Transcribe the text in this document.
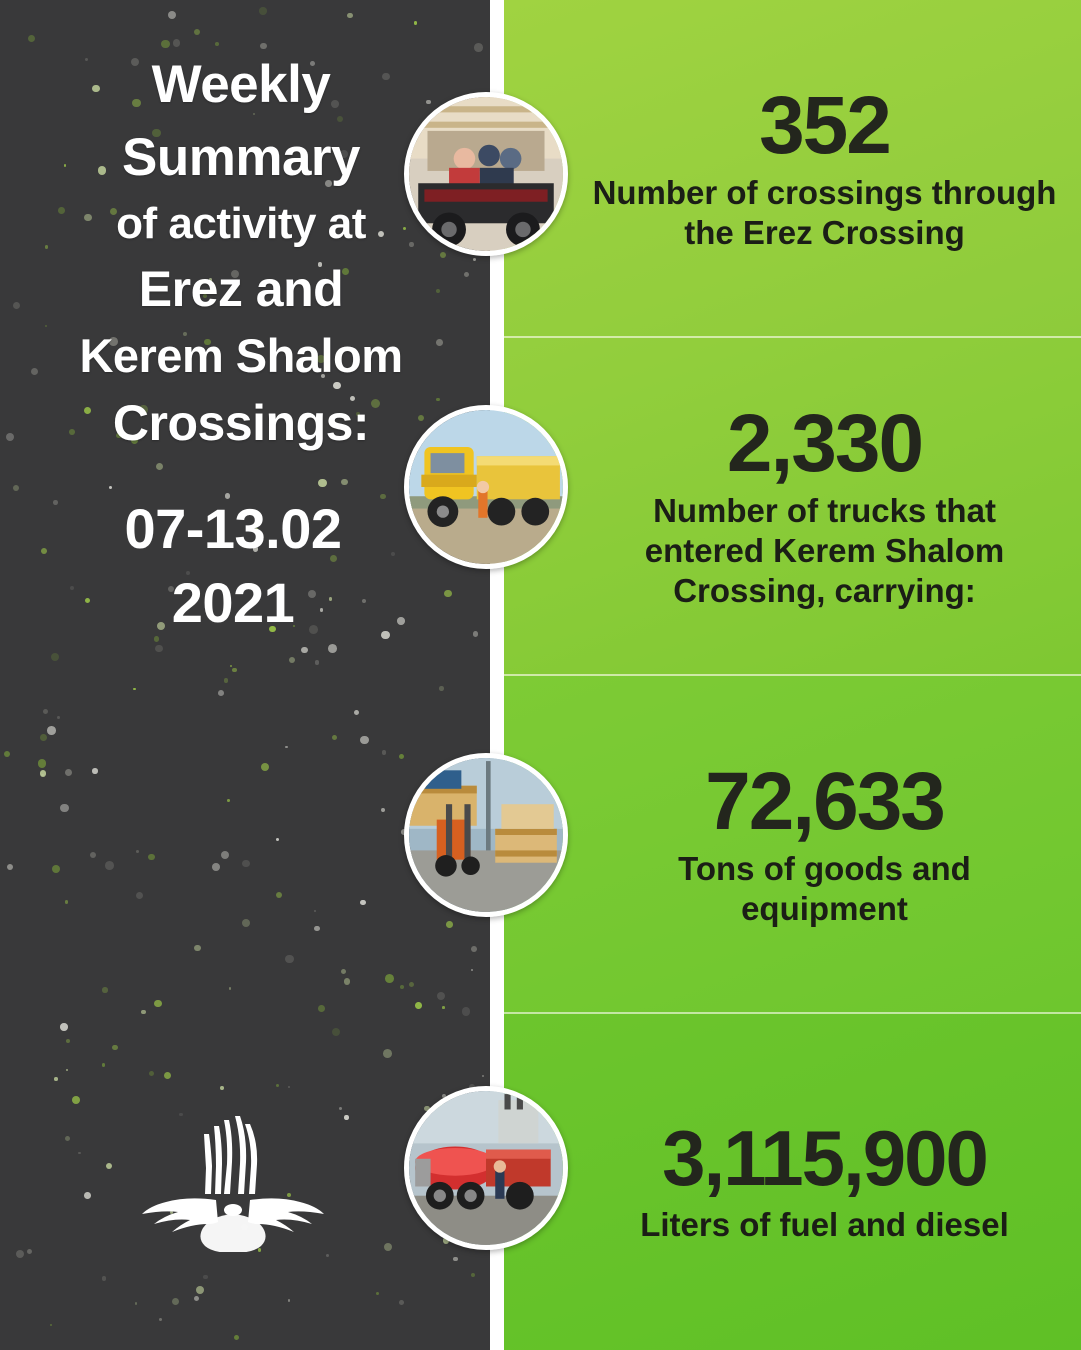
Weekly
Summary
of activity at
Erez and
Kerem Shalom
Crossings:
07-13.02
2021
352
Number of crossings through the Erez Crossing
2,330
Number of trucks that entered Kerem Shalom Crossing, carrying:
72,633
Tons of goods and equipment
3,115,900
Liters of fuel and diesel
